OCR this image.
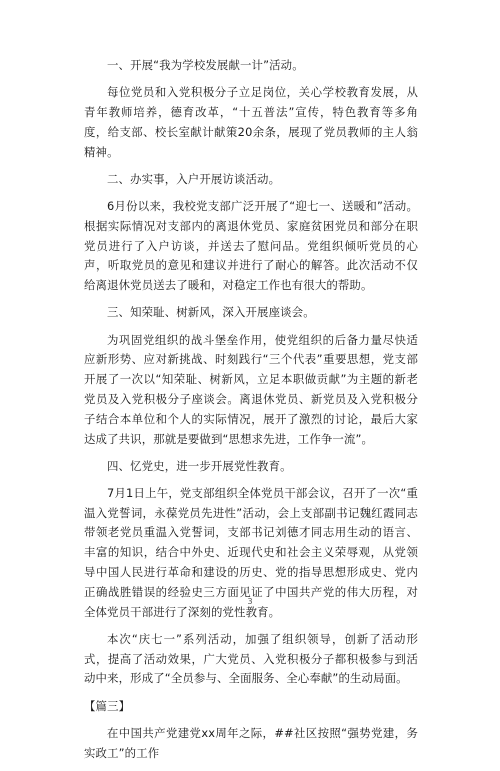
一、开展“我为学校发展献一计”活动。

每位党员和入党积极分子立足岗位，关心学校教育发展，从青年教师培养，德育改革，“十五普法”宣传，特色教育等多角度，给支部、校长室献计献策20余条，展现了党员教师的主人翁精神。

二、办实事，入户开展访谈活动。

6月份以来，我校党支部广泛开展了“迎七一、送暖和”活动。根据实际情况对支部内的离退休党员、家庭贫困党员和部分在职党员进行了入户访谈，并送去了慰问品。党组织倾听党员的心声，听取党员的意见和建议并进行了耐心的解答。此次活动不仅给离退休党员送去了暖和，对稳定工作也有很大的帮助。

三、知荣耻、树新风，深入开展座谈会。

为巩固党组织的战斗堡垒作用，使党组织的后备力量尽快适应新形势、应对新挑战、时刻践行“三个代表”重要思想，党支部开展了一次以“知荣耻、树新风，立足本职做贡献”为主题的新老党员及入党积极分子座谈会。离退休党员、新党员及入党积极分子结合本单位和个人的实际情况，展开了激烈的讨论，最后大家达成了共识，那就是要做到“思想求先进，工作争一流”。

四、忆党史，进一步开展党性教育。

7月1日上午，党支部组织全体党员干部会议，召开了一次“重温入党誓词，永葆党员先进性”活动，会上支部副书记魏红霞同志带领老党员重温入党誓词，支部书记刘德才同志用生动的语言、丰富的知识，结合中外史、近现代史和社会主义荣辱观，从党领导中国人民进行革命和建设的历史、党的指导思想形成史、党内正确战胜错误的经验史三方面见证了中国共产党的伟大历程，对全体党员干部进行了深刻的党性教育。

本次“庆七一”系列活动，加强了组织领导，创新了活动形式，提高了活动效果，广大党员、入党积极分子都积极参与到活动中来，形成了“全员参与、全面服务、全心奉献”的生动局面。

【篇三】

在中国共产党建党xx周年之际，##社区按照“强势党建，务实政工”的工作

3
